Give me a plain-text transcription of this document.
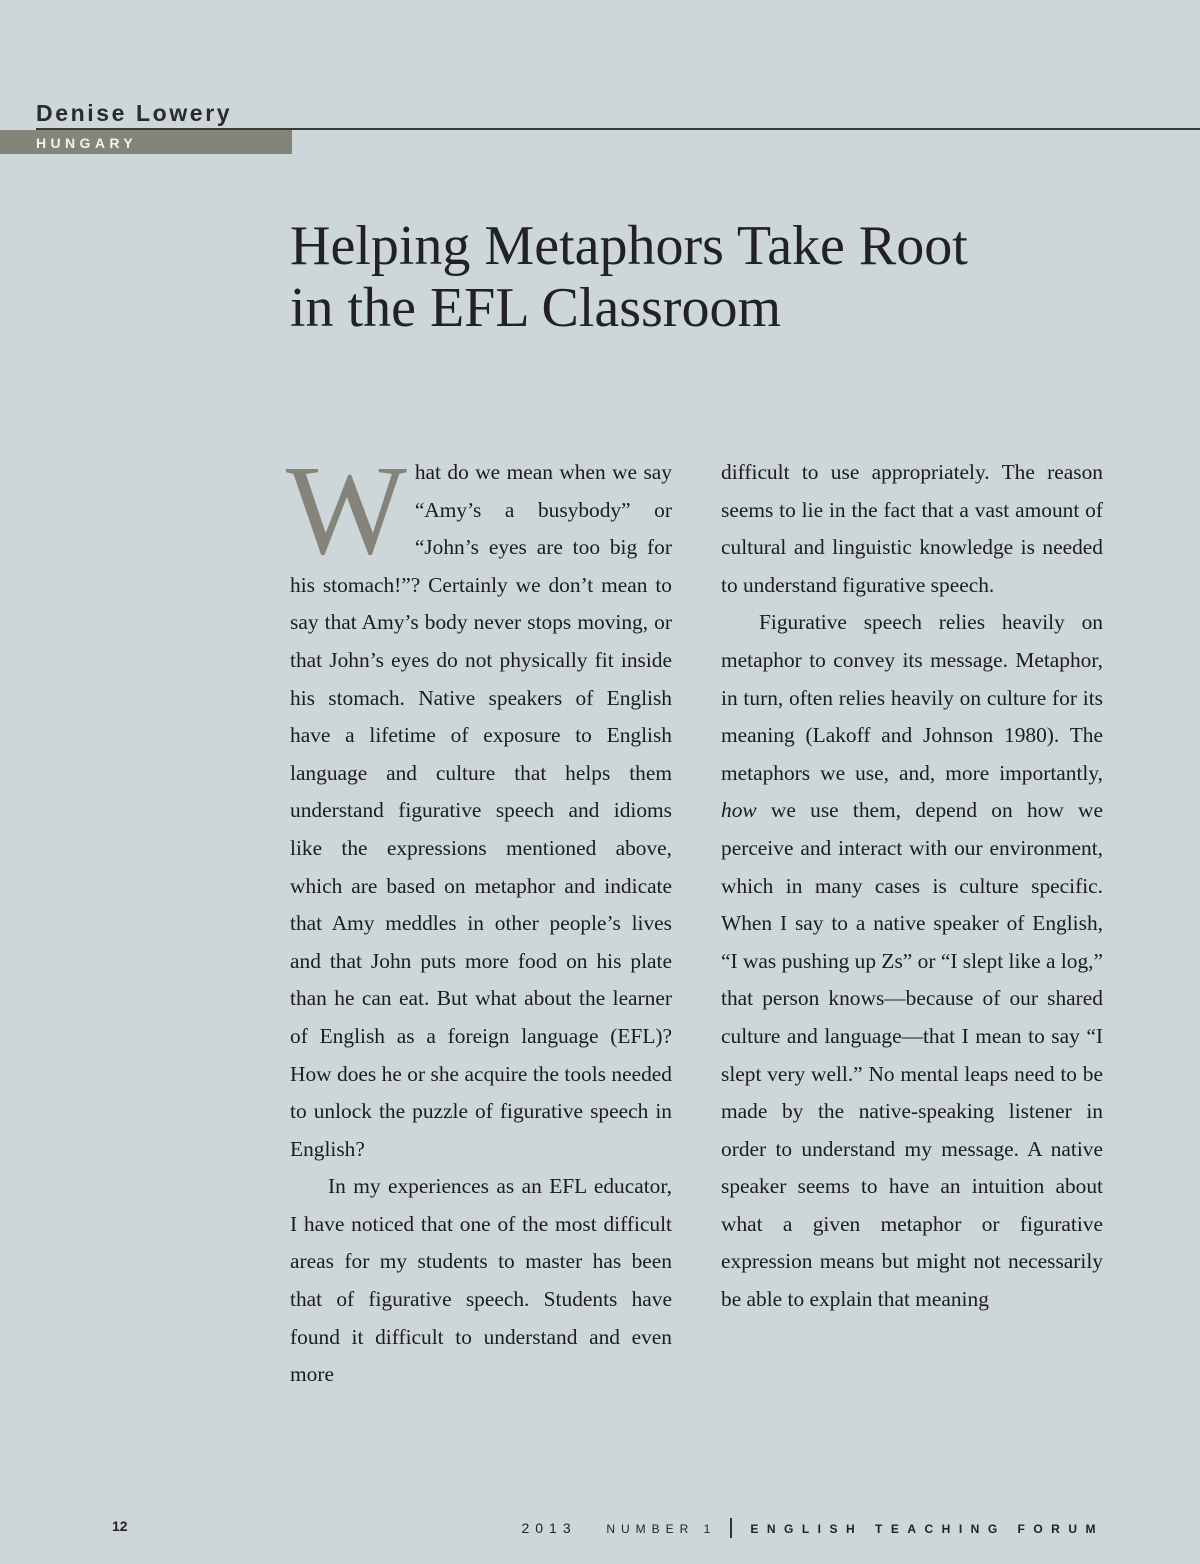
Denise Lowery
HUNGARY
Helping Metaphors Take Root
in the EFL Classroom

What do we mean when we say “Amy’s a busybody” or “John’s eyes are too big for his stomach!”? Certainly we don’t mean to say that Amy’s body never stops moving, or that John’s eyes do not physically fit inside his stomach. Native speakers of English have a lifetime of exposure to English language and culture that helps them understand figurative speech and idioms like the expressions mentioned above, which are based on metaphor and indicate that Amy meddles in other people’s lives and that John puts more food on his plate than he can eat. But what about the learner of English as a foreign language (EFL)? How does he or she acquire the tools needed to unlock the puzzle of figurative speech in English?

In my experiences as an EFL educator, I have noticed that one of the most difficult areas for my students to master has been that of figurative speech. Students have found it difficult to understand and even more

difficult to use appropriately. The reason seems to lie in the fact that a vast amount of cultural and linguistic knowledge is needed to understand figurative speech.

Figurative speech relies heavily on metaphor to convey its message. Metaphor, in turn, often relies heavily on culture for its meaning (Lakoff and Johnson 1980). The metaphors we use, and, more importantly, how we use them, depend on how we perceive and interact with our environment, which in many cases is culture specific. When I say to a native speaker of English, “I was pushing up Zs” or “I slept like a log,” that person knows—because of our shared culture and language—that I mean to say “I slept very well.” No mental leaps need to be made by the native-speaking listener in order to understand my message. A native speaker seems to have an intuition about what a given metaphor or figurative expression means but might not necessarily be able to explain that meaning

12	2013 NUMBER 1	ENGLISH TEACHING FORUM
